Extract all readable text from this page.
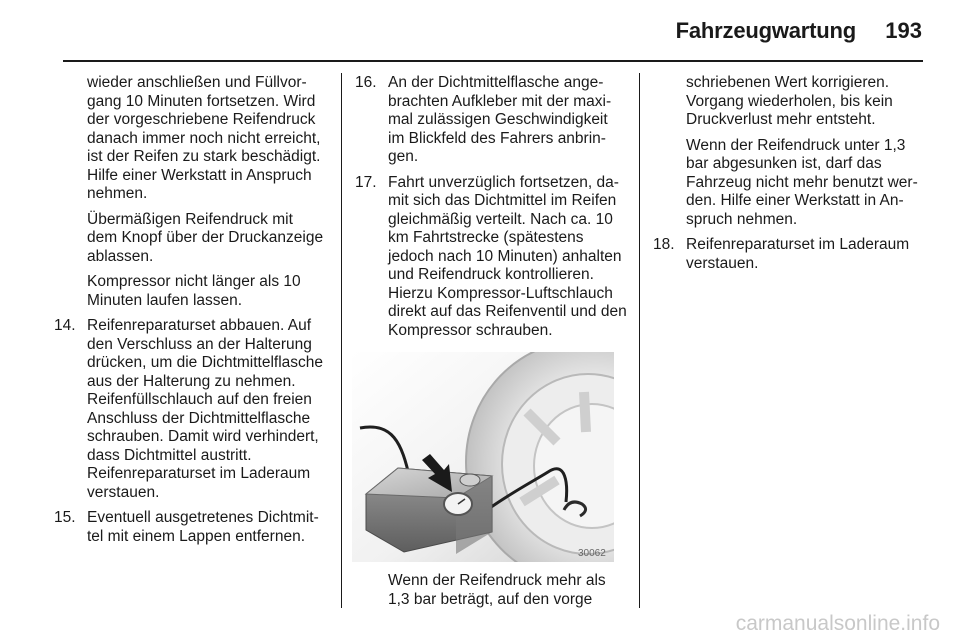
Fahrzeugwartung	193

wieder anschließen und Füllvorgang 10 Minuten fortsetzen. Wird der vorgeschriebene Reifendruck danach immer noch nicht erreicht, ist der Reifen zu stark beschädigt. Hilfe einer Werkstatt in Anspruch nehmen.

Übermäßigen Reifendruck mit dem Knopf über der Druckanzeige ablassen.

Kompressor nicht länger als 10 Minuten laufen lassen.

14. Reifenreparaturset abbauen. Auf den Verschluss an der Halterung drücken, um die Dichtmittelflasche aus der Halterung zu nehmen. Reifenfüllschlauch auf den freien Anschluss der Dichtmittelflasche schrauben. Damit wird verhindert, dass Dichtmittel austritt. Reifenreparaturset im Laderaum verstauen.
15. Eventuell ausgetretenes Dichtmittel mit einem Lappen entfernen.
16. An der Dichtmittelflasche angebrachten Aufkleber mit der maximal zulässigen Geschwindigkeit im Blickfeld des Fahrers anbringen.
17. Fahrt unverzüglich fortsetzen, damit sich das Dichtmittel im Reifen gleichmäßig verteilt. Nach ca. 10 km Fahrtstrecke (spätestens jedoch nach 10 Minuten) anhalten und Reifendruck kontrollieren. Hierzu Kompressor-Luftschlauch direkt auf das Reifenventil und den Kompressor schrauben.
30062

Wenn der Reifendruck mehr als 1,3 bar beträgt, auf den vorge

schriebenen Wert korrigieren. Vorgang wiederholen, bis kein Druckverlust mehr entsteht.

Wenn der Reifendruck unter 1,3 bar abgesunken ist, darf das Fahrzeug nicht mehr benutzt werden. Hilfe einer Werkstatt in Anspruch nehmen.

18. Reifenreparaturset im Laderaum verstauen.
carmanualsonline.info
